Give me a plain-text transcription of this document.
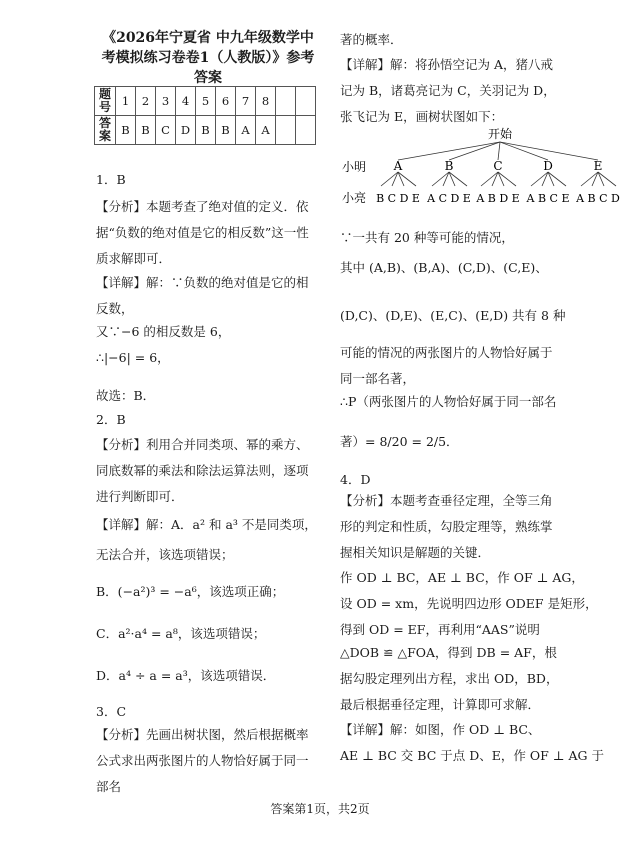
《2026年宁夏省 中九年级数学中考模拟练习卷卷1（人教版）》参考答案
题号	1	2	3	4	5	6	7	8		
答案	B	B	C	D	B	B	A	A		
1．B
【分析】本题考查了绝对值的定义．依据“负数的绝对值是它的相反数”这一性质求解即可．
【详解】解：∵负数的绝对值是它的相反数，
又∵−6 的相反数是 6，
∴|−6| = 6，
故选：B．
2．B
【分析】利用合并同类项、幂的乘方、同底数幂的乘法和除法运算法则，逐项进行判断即可．
【详解】解：A．a² 和 a³ 不是同类项，无法合并，该选项错误；
B．(−a²)³ = −a⁶，该选项正确；
C．a²·a⁴ = a⁸，该选项错误；
D．a⁴ ÷ a = a³，该选项错误．
3．C
【分析】先画出树状图，然后根据概率公式求出两张图片的人物恰好属于同一部名
著的概率．
【详解】解：将孙悟空记为 A，猪八戒记为 B，诸葛亮记为 C，关羽记为 D，张飞记为 E，画树状图如下：
开始
小明
小亮
A	B	C	D	E
B C D E A C D E A B D E A B C E A B C D
∵一共有 20 种等可能的情况，
其中 (A,B)、(B,A)、(C,D)、(C,E)、
(D,C)、(D,E)、(E,C)、(E,D) 共有 8 种
可能的情况的两张图片的人物恰好属于同一部名著，
∴P（两张图片的人物恰好属于同一部名
著）= 8/20 = 2/5．
4．D
【分析】本题考查垂径定理，全等三角形的判定和性质，勾股定理等，熟练掌握相关知识是解题的关键．
作 OD ⊥ BC，AE ⊥ BC，作 OF ⊥ AG，
设 OD = xm，先说明四边形 ODEF 是矩形，
得到 OD = EF，再利用“AAS”说明
△DOB ≌ △FOA，得到 DB = AF，根据勾股定理列出方程，求出 OD，BD，最后根据垂径定理，计算即可求解．
【详解】解：如图，作 OD ⊥ BC、
AE ⊥ BC 交 BC 于点 D、E，作 OF ⊥ AG 于
答案第1页，共2页
